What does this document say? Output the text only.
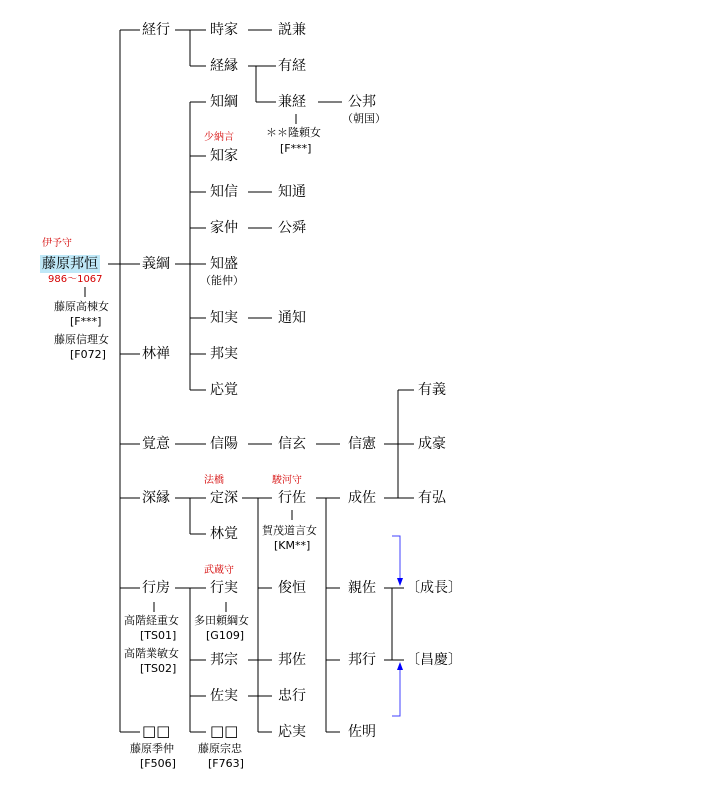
伊予守
藤原邦恒
986～1067
藤原高棟女
[F***]
藤原信理女
[F072]
経行
義綱
林禅
覚意
深縁
行房
高階経重女
[TS01]
高階業敏女
[TS02]
□□
藤原季仲
[F506]
時家
経縁
知綱
少納言
知家
知信
家仲
知盛
（能仲）
知実
邦実
応覚
信陽
法橋
定深
林覚
武蔵守
行実
多田頼綱女
[G109]
邦宗
佐実
□□
藤原宗忠
[F763]
説兼
有経
兼経
＊＊隆頼女
[F***]
知通
公舜
通知
信玄
駿河守
行佐
賀茂道言女
[KM**]
俊恒
邦佐
忠行
応実
公邦
（朝国）
信憲
成佐
親佐
邦行
佐明
有義
成豪
有弘
〔成長〕
〔昌慶〕
